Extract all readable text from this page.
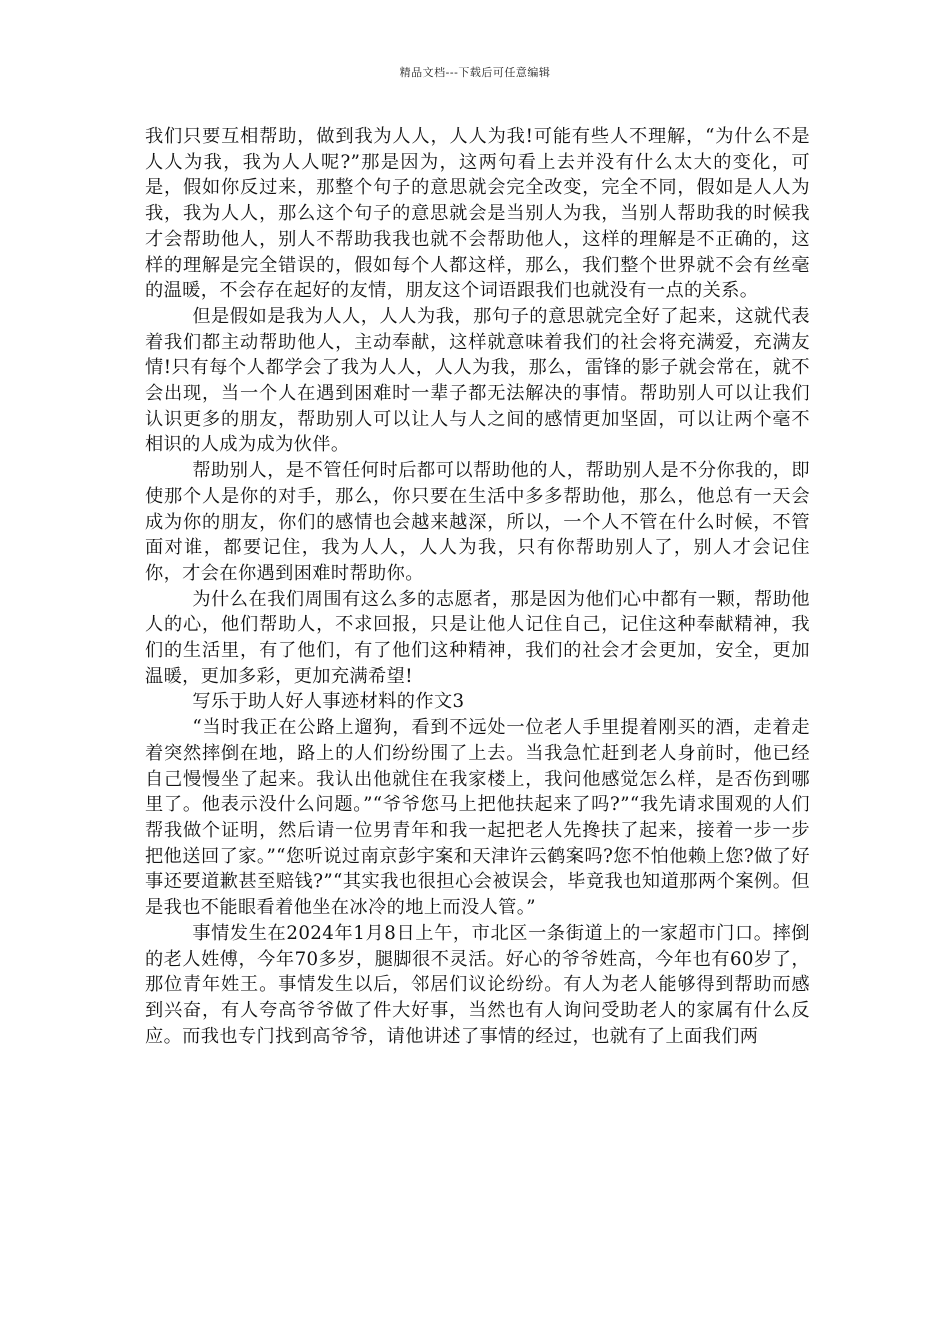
精品文档---下载后可任意编辑

我们只要互相帮助，做到我为人人，人人为我!可能有些人不理解，“为什么不是人人为我，我为人人呢?”那是因为，这两句看上去并没有什么太大的变化，可是，假如你反过来，那整个句子的意思就会完全改变，完全不同，假如是人人为我，我为人人，那么这个句子的意思就会是当别人为我，当别人帮助我的时候我才会帮助他人，别人不帮助我我也就不会帮助他人，这样的理解是不正确的，这样的理解是完全错误的，假如每个人都这样，那么，我们整个世界就不会有丝毫的温暖，不会存在起好的友情，朋友这个词语跟我们也就没有一点的关系。

但是假如是我为人人，人人为我，那句子的意思就完全好了起来，这就代表着我们都主动帮助他人，主动奉献，这样就意味着我们的社会将充满爱，充满友情!只有每个人都学会了我为人人，人人为我，那么，雷锋的影子就会常在，就不会出现，当一个人在遇到困难时一辈子都无法解决的事情。帮助别人可以让我们认识更多的朋友，帮助别人可以让人与人之间的感情更加坚固，可以让两个毫不相识的人成为成为伙伴。

帮助别人，是不管任何时后都可以帮助他的人，帮助别人是不分你我的，即使那个人是你的对手，那么，你只要在生活中多多帮助他，那么，他总有一天会成为你的朋友，你们的感情也会越来越深，所以，一个人不管在什么时候，不管面对谁，都要记住，我为人人，人人为我，只有你帮助别人了，别人才会记住你，才会在你遇到困难时帮助你。

为什么在我们周围有这么多的志愿者，那是因为他们心中都有一颗，帮助他人的心，他们帮助人，不求回报，只是让他人记住自己，记住这种奉献精神，我们的生活里，有了他们，有了他们这种精神，我们的社会才会更加，安全，更加温暖，更加多彩，更加充满希望!

写乐于助人好人事迹材料的作文3

“当时我正在公路上遛狗，看到不远处一位老人手里提着刚买的酒，走着走着突然摔倒在地，路上的人们纷纷围了上去。当我急忙赶到老人身前时，他已经自己慢慢坐了起来。我认出他就住在我家楼上，我问他感觉怎么样，是否伤到哪里了。他表示没什么问题。”“爷爷您马上把他扶起来了吗?”“我先请求围观的人们帮我做个证明，然后请一位男青年和我一起把老人先搀扶了起来，接着一步一步把他送回了家。”“您听说过南京彭宇案和天津许云鹤案吗?您不怕他赖上您?做了好事还要道歉甚至赔钱?”“其实我也很担心会被误会，毕竟我也知道那两个案例。但是我也不能眼看着他坐在冰冷的地上而没人管。”

事情发生在2024年1月8日上午，市北区一条街道上的一家超市门口。摔倒的老人姓傅，今年70多岁，腿脚很不灵活。好心的爷爷姓高，今年也有60岁了，那位青年姓王。事情发生以后，邻居们议论纷纷。有人为老人能够得到帮助而感到兴奋，有人夸高爷爷做了件大好事，当然也有人询问受助老人的家属有什么反应。而我也专门找到高爷爷，请他讲述了事情的经过，也就有了上面我们两
